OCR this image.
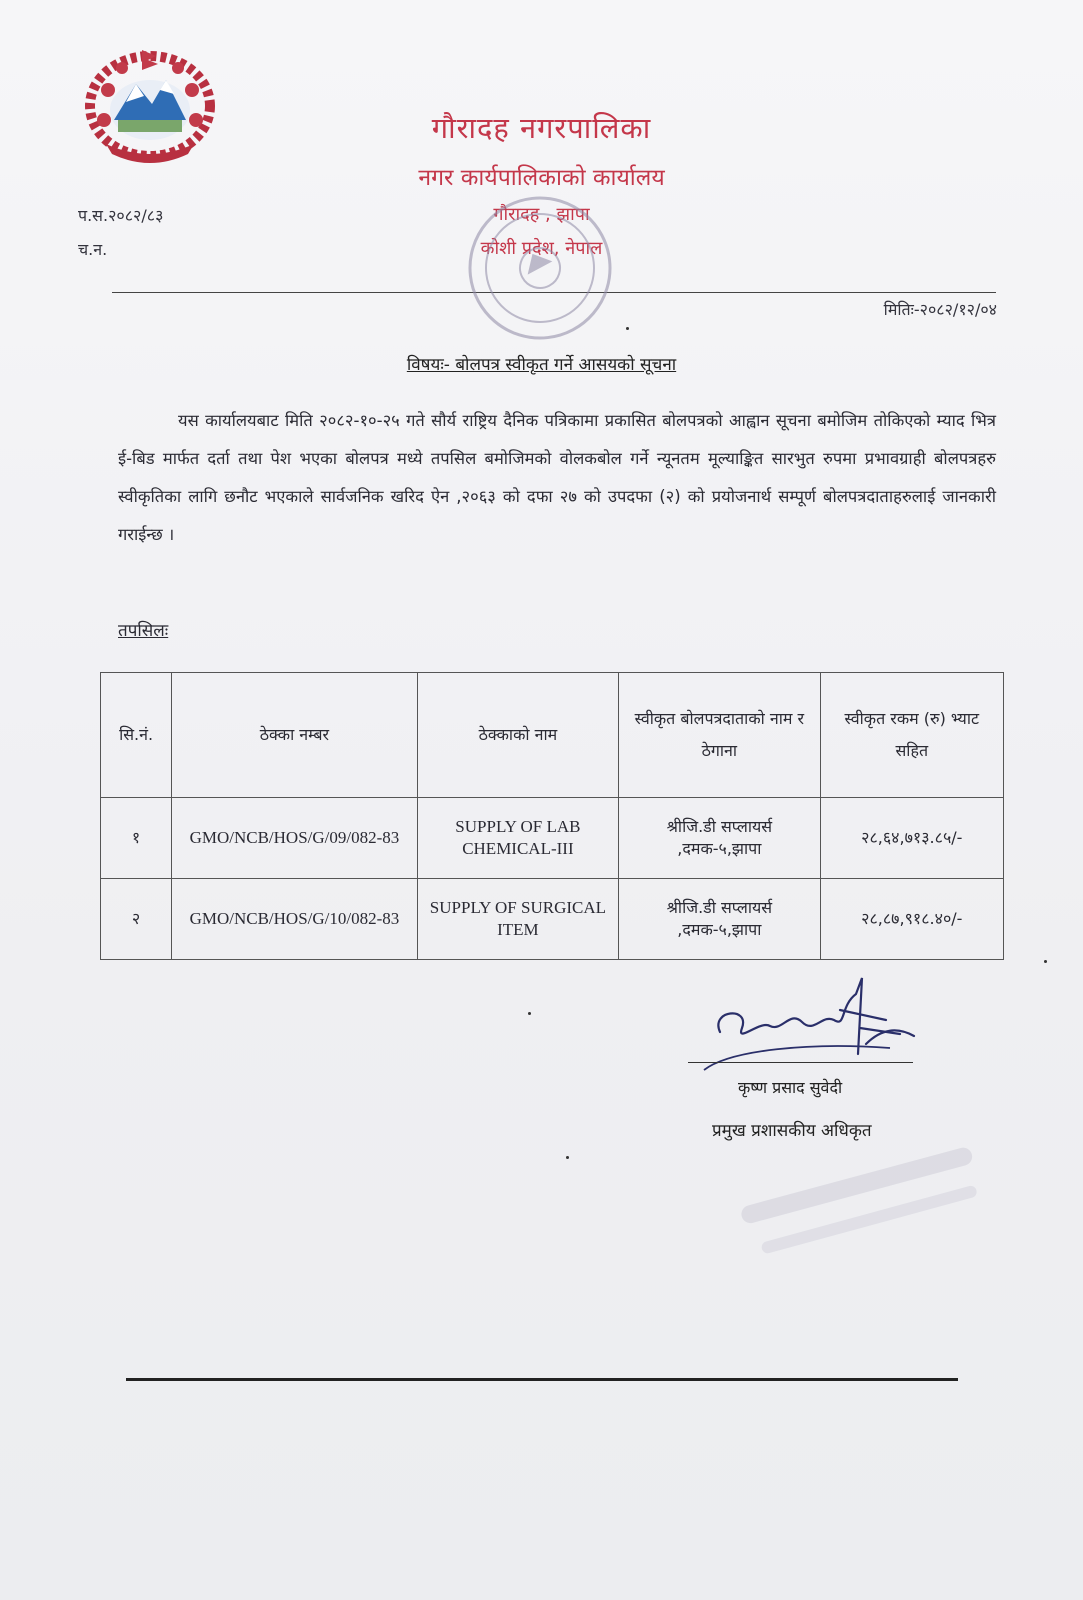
गौरादह नगरपालिका
नगर कार्यपालिकाको कार्यालय
गौरादह , झापा
कोशी प्रदेश, नेपाल
प.स.२०८२/८३
च.न.
मितिः-२०८२/१२/०४
विषयः- बोलपत्र स्वीकृत गर्ने आसयको सूचना
यस कार्यालयबाट मिति २०८२-१०-२५ गते सौर्य राष्ट्रिय दैनिक पत्रिकामा प्रकासित बोलपत्रको आह्वान सूचना बमोजिम तोकिएको म्याद भित्र ई-बिड मार्फत दर्ता तथा पेश भएका बोलपत्र मध्ये तपसिल बमोजिमको वोलकबोल गर्ने न्यूनतम मूल्याङ्कित सारभुत रुपमा प्रभावग्राही बोलपत्रहरु स्वीकृतिका लागि छनौट भएकाले सार्वजनिक खरिद ऐन ,२०६३ को दफा २७ को उपदफा (२) को प्रयोजनार्थ सम्पूर्ण बोलपत्रदाताहरुलाई जानकारी गराईन्छ ।
तपसिलः
सि.नं.	ठेक्का नम्बर	ठेक्काको नाम	स्वीकृत बोलपत्रदाताको नाम र ठेगाना	स्वीकृत रकम (रु) भ्याट सहित
१	GMO/NCB/HOS/G/09/082-83	SUPPLY OF LAB CHEMICAL-III	श्रीजि.डी सप्लायर्स
,दमक-५,झापा	२८,६४,७१३.८५/-
२	GMO/NCB/HOS/G/10/082-83	SUPPLY OF SURGICAL ITEM	श्रीजि.डी सप्लायर्स
,दमक-५,झापा	२८,८७,९१८.४०/-
कृष्ण प्रसाद सुवेदी
प्रमुख प्रशासकीय अधिकृत
